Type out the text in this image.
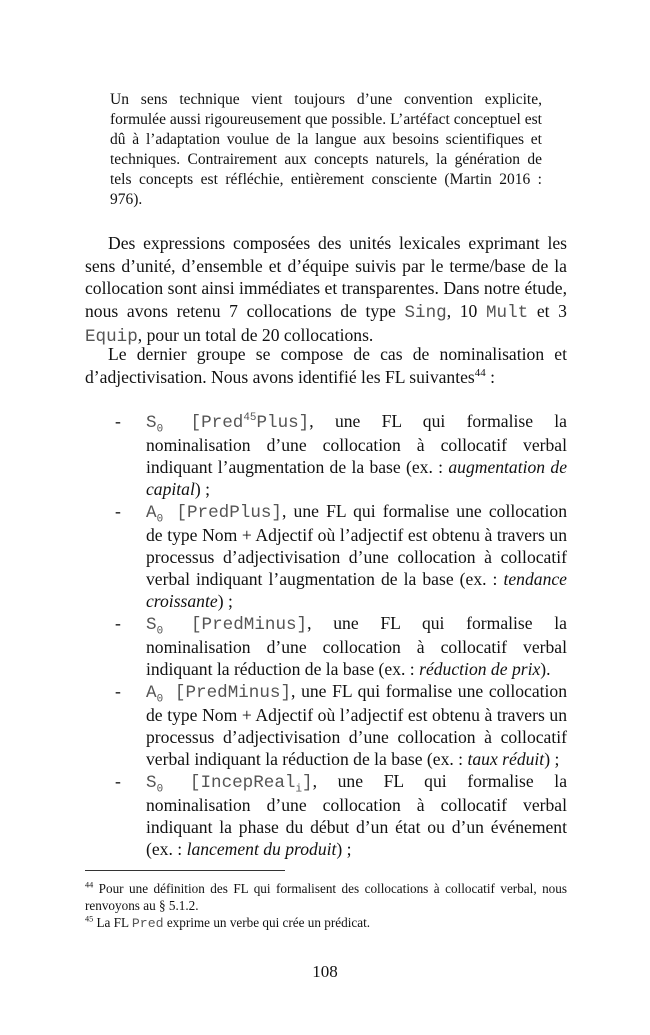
Un sens technique vient toujours d’une convention explicite, formulée aussi rigoureusement que possible. L’artéfact conceptuel est dû à l’adaptation voulue de la langue aux besoins scientifiques et techniques. Contrairement aux concepts naturels, la génération de tels concepts est réfléchie, entièrement consciente (Martin 2016 : 976).

Des expressions composées des unités lexicales exprimant les sens d’unité, d’ensemble et d’équipe suivis par le terme/base de la collocation sont ainsi immédiates et transparentes. Dans notre étude, nous avons retenu 7 collocations de type Sing, 10 Mult et 3 Equip, pour un total de 20 collocations.

Le dernier groupe se compose de cas de nominalisation et d’adjectivisation. Nous avons identifié les FL suivantes$^{44}$ :

- $S_0$ [Pred$^{45}$Plus], une FL qui formalise la nominalisation d’une collocation à collocatif verbal indiquant l’augmentation de la base (ex. : augmentation de capital) ;
- $A_0$ [PredPlus], une FL qui formalise une collocation de type Nom + Adjectif où l’adjectif est obtenu à travers un processus d’adjectivisation d’une collocation à collocatif verbal indiquant l’augmentation de la base (ex. : tendance croissante) ;
- $S_0$ [PredMinus], une FL qui formalise la nominalisation d’une collocation à collocatif verbal indiquant la réduction de la base (ex. : réduction de prix).
- $A_0$ [PredMinus], une FL qui formalise une collocation de type Nom + Adjectif où l’adjectif est obtenu à travers un processus d’adjectivisation d’une collocation à collocatif verbal indiquant la réduction de la base (ex. : taux réduit) ;
- $S_0$ [IncepReal$_i$], une FL qui formalise la nominalisation d’une collocation à collocatif verbal indiquant la phase du début d’un état ou d’un événement (ex. : lancement du produit) ;

$^{44}$ Pour une définition des FL qui formalisent des collocations à collocatif verbal, nous renvoyons au § 5.1.2.

$^{45}$ La FL Pred exprime un verbe qui crée un prédicat.

108
